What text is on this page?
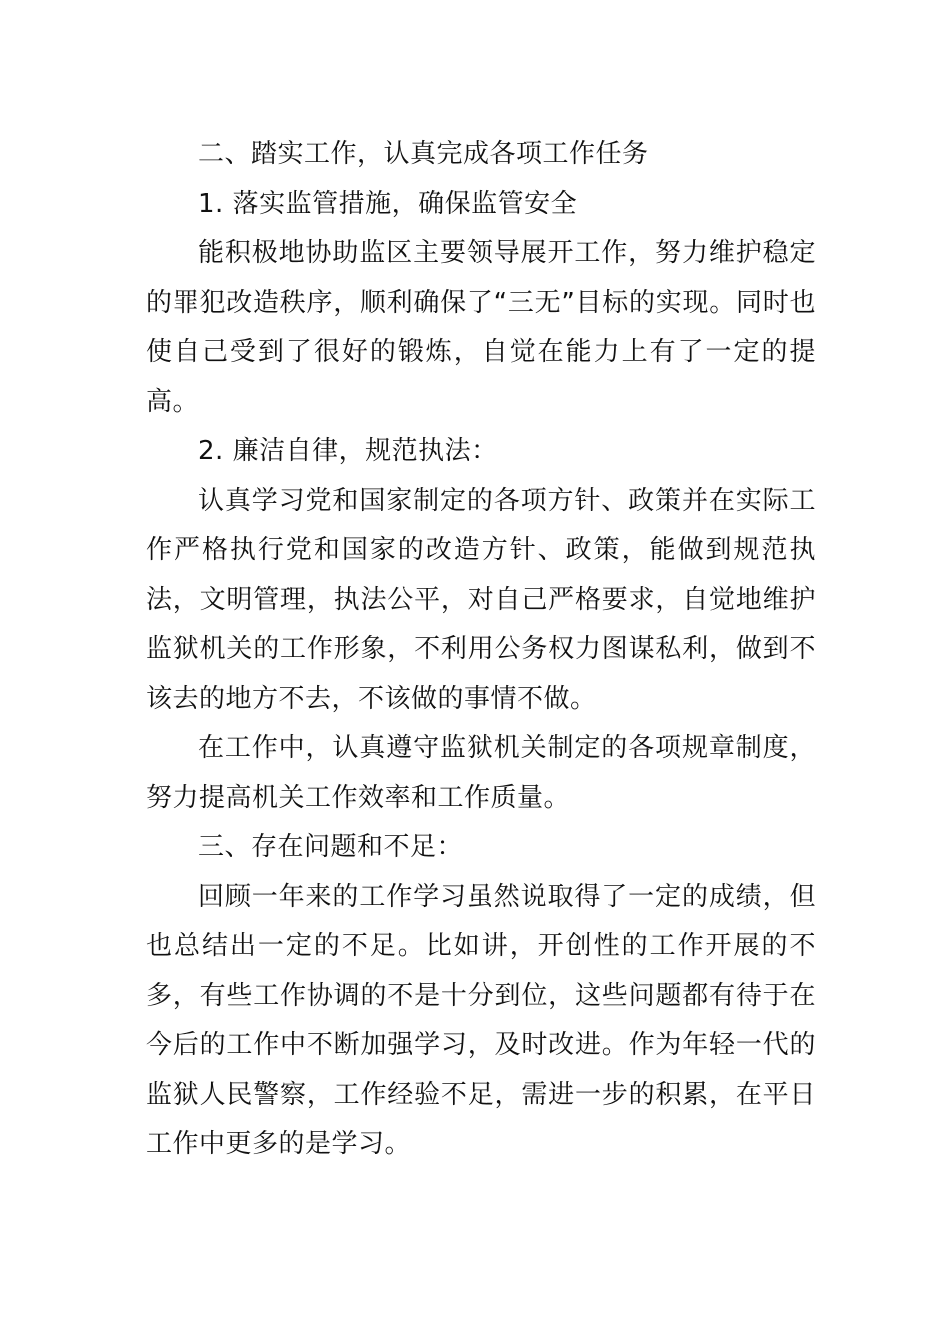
二、踏实工作，认真完成各项工作任务

1. 落实监管措施，确保监管安全

能积极地协助监区主要领导展开工作，努力维护稳定的罪犯改造秩序，顺利确保了“三无”目标的实现。同时也使自己受到了很好的锻炼，自觉在能力上有了一定的提高。

2. 廉洁自律，规范执法：

认真学习党和国家制定的各项方针、政策并在实际工作严格执行党和国家的改造方针、政策，能做到规范执法，文明管理，执法公平，对自己严格要求，自觉地维护监狱机关的工作形象，不利用公务权力图谋私利，做到不该去的地方不去，不该做的事情不做。

在工作中，认真遵守监狱机关制定的各项规章制度，努力提高机关工作效率和工作质量。

三、存在问题和不足：

回顾一年来的工作学习虽然说取得了一定的成绩，但也总结出一定的不足。比如讲，开创性的工作开展的不多，有些工作协调的不是十分到位，这些问题都有待于在今后的工作中不断加强学习，及时改进。作为年轻一代的监狱人民警察，工作经验不足，需进一步的积累，在平日工作中更多的是学习。
